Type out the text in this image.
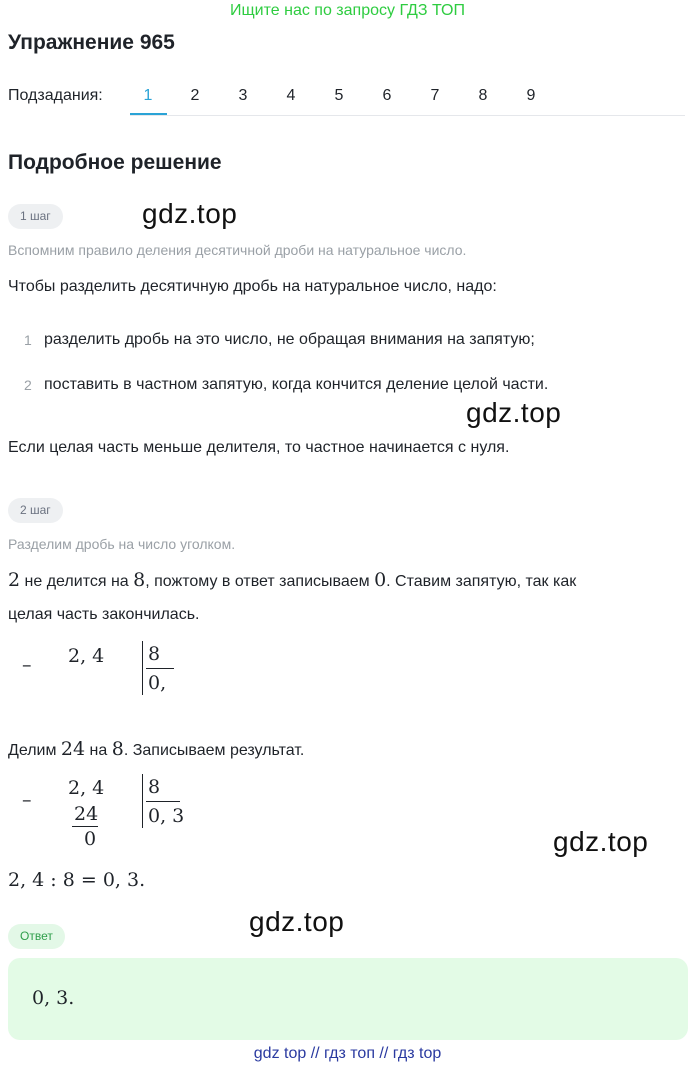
Ищите нас по запросу ГДЗ ТОП
Упражнение 965
Подзадания:	1	2	3	4	5	6	7	8	9
Подробное решение
1 шаг	gdz.top
Вспомним правило деления десятичной дроби на натуральное число.
Чтобы разделить десятичную дробь на натуральное число, надо:
1 разделить дробь на это число, не обращая внимания на запятую;
2 поставить в частном запятую, когда кончится деление целой части.
gdz.top
Если целая часть меньше делителя, то частное начинается с нуля.
2 шаг
Разделим дробь на число уголком.
2 не делится на 8, пожтому в ответ записываем 0. Ставим запятую, так как
целая часть закончилась.
– 2, 4 8
0,
Делим 24 на 8. Записываем результат.
–
2, 4
24
0
8
0, 3
gdz.top
2, 4 : 8 = 0, 3.
gdz.top
Ответ
0, 3.
gdz top // гдз топ // гдз top
